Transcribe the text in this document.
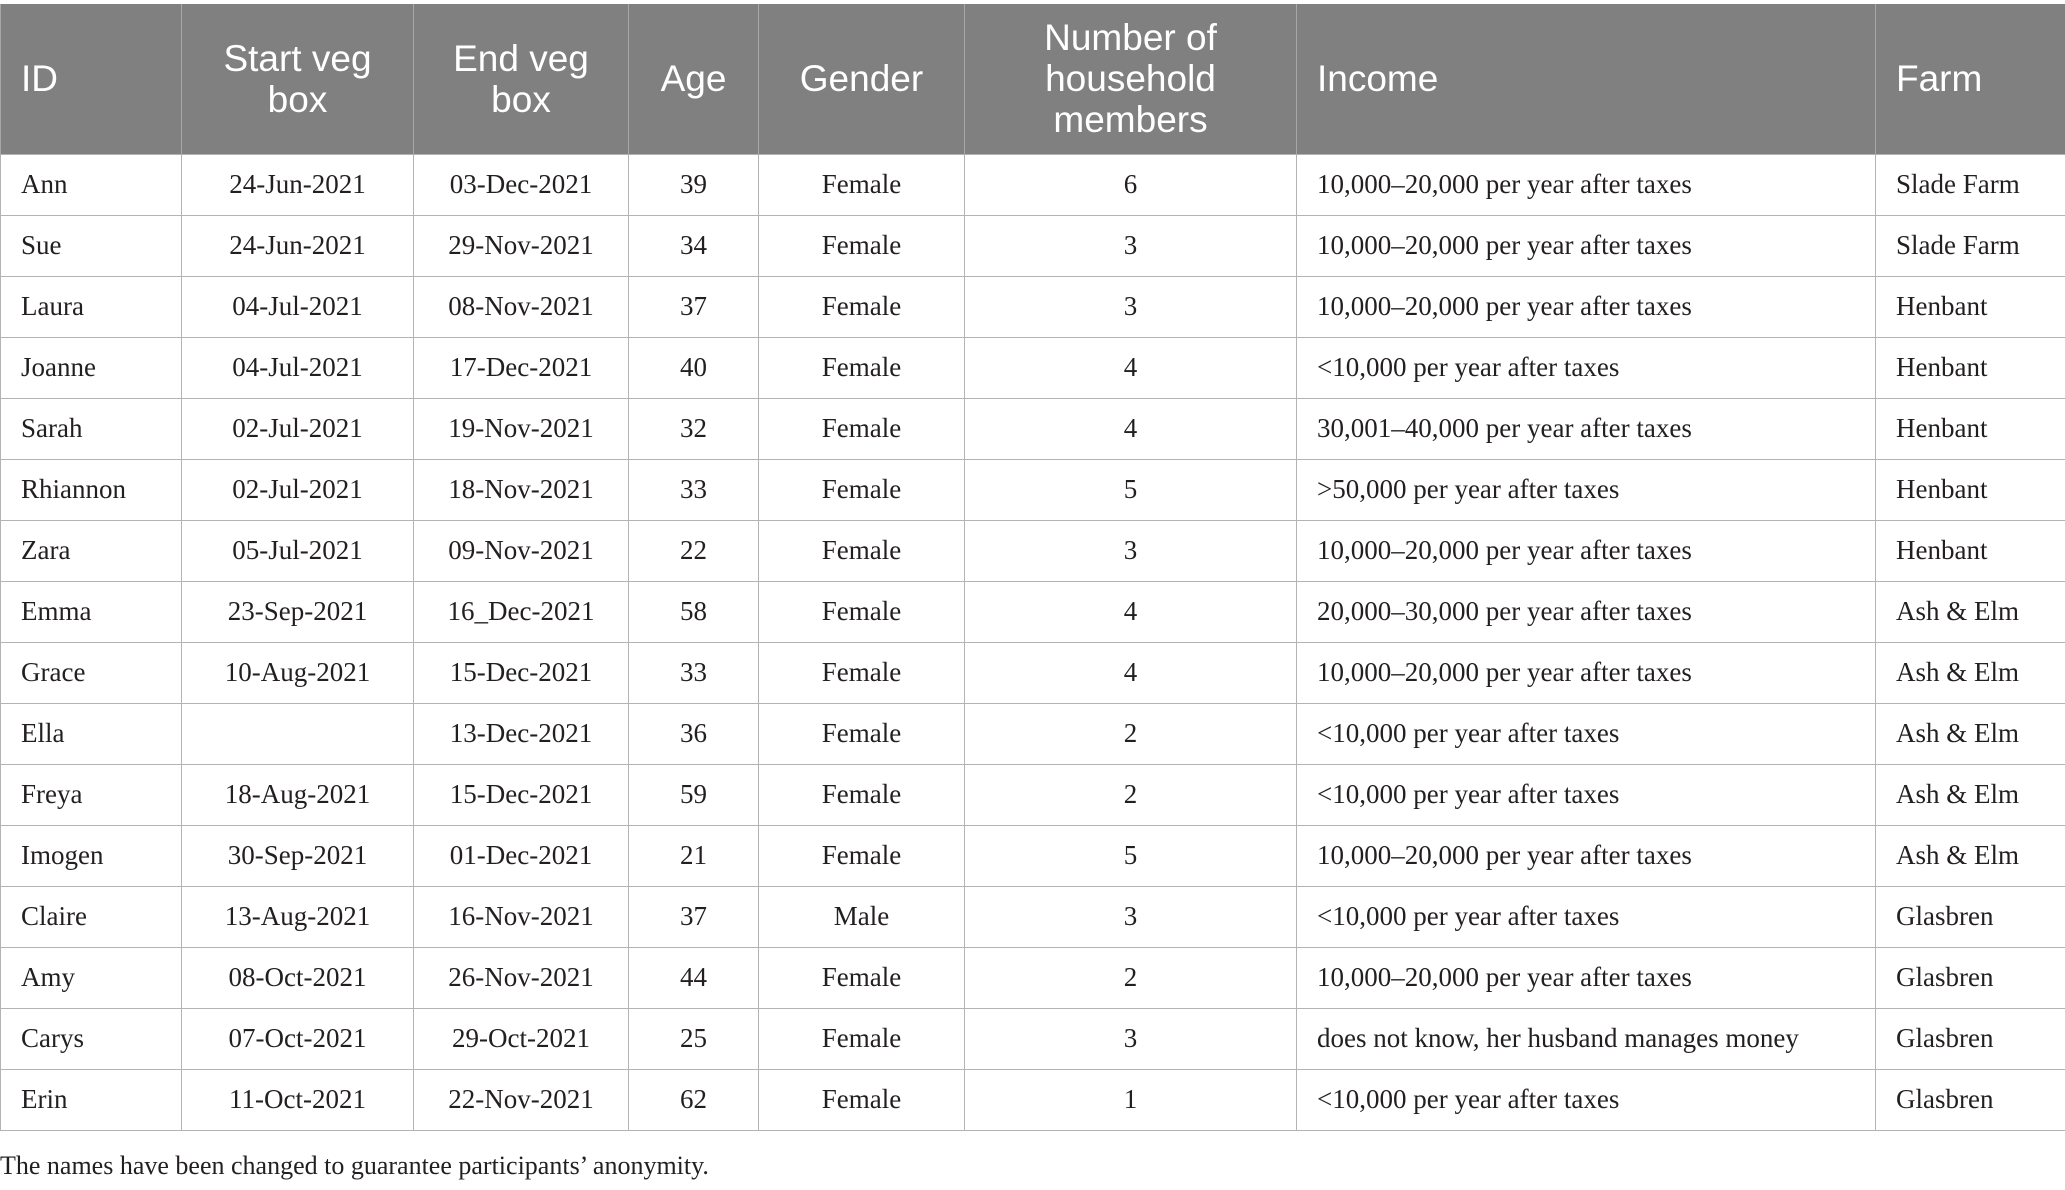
ID	Start veg box	End veg box	Age	Gender	Number of household members	Income	Farm
Ann	24-Jun-2021	03-Dec-2021	39	Female	6	10,000–20,000 per year after taxes	Slade Farm
Sue	24-Jun-2021	29-Nov-2021	34	Female	3	10,000–20,000 per year after taxes	Slade Farm
Laura	04-Jul-2021	08-Nov-2021	37	Female	3	10,000–20,000 per year after taxes	Henbant
Joanne	04-Jul-2021	17-Dec-2021	40	Female	4	<10,000 per year after taxes	Henbant
Sarah	02-Jul-2021	19-Nov-2021	32	Female	4	30,001–40,000 per year after taxes	Henbant
Rhiannon	02-Jul-2021	18-Nov-2021	33	Female	5	>50,000 per year after taxes	Henbant
Zara	05-Jul-2021	09-Nov-2021	22	Female	3	10,000–20,000 per year after taxes	Henbant
Emma	23-Sep-2021	16_Dec-2021	58	Female	4	20,000–30,000 per year after taxes	Ash & Elm
Grace	10-Aug-2021	15-Dec-2021	33	Female	4	10,000–20,000 per year after taxes	Ash & Elm
Ella		13-Dec-2021	36	Female	2	<10,000 per year after taxes	Ash & Elm
Freya	18-Aug-2021	15-Dec-2021	59	Female	2	<10,000 per year after taxes	Ash & Elm
Imogen	30-Sep-2021	01-Dec-2021	21	Female	5	10,000–20,000 per year after taxes	Ash & Elm
Claire	13-Aug-2021	16-Nov-2021	37	Male	3	<10,000 per year after taxes	Glasbren
Amy	08-Oct-2021	26-Nov-2021	44	Female	2	10,000–20,000 per year after taxes	Glasbren
Carys	07-Oct-2021	29-Oct-2021	25	Female	3	does not know, her husband manages money	Glasbren
Erin	11-Oct-2021	22-Nov-2021	62	Female	1	<10,000 per year after taxes	Glasbren
The names have been changed to guarantee participants’ anonymity.
